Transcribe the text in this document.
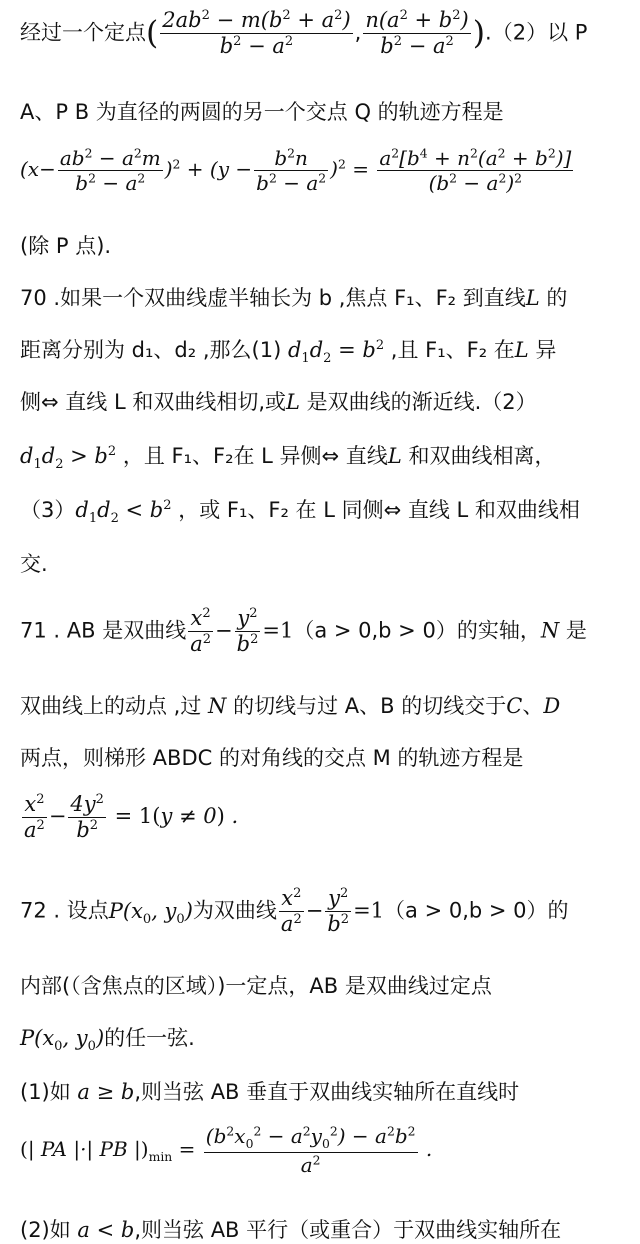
经过一个定点( $\frac{2ab^2 - m(b^2 + a^2)}{b^2 - a^2}$ , $\frac{n(a^2 + b^2)}{b^2 - a^2} ).(2)$以 P
A、P B 为直径的两圆的另一个交点 Q 的轨迹方程是
$(x- \frac{ab^2 - a^2m}{b^2 - a^2} )^2 + (y - \frac{b^2n}{b^2 - a^2} )^2 = \frac{a^2[b^4 + n^2(a^2 + b^2)]}{(b^2 - a^2)^2}$
(除 P 点).
70 .如果一个双曲线虚半轴长为 b ,焦点 F₁、F₂ 到直线L 的
距离分别为 d₁、d₂ ,那么(1) $d_1d_2 = b^2$ ,且 F₁、F₂ 在L 异
侧⇔ 直线 L 和双曲线相切,或L 是双曲线的渐近线.（2）
$d_1d_2 > b^2$ ，且 F₁、F₂在 L 异侧⇔ 直线L 和双曲线相离，
$(3)d_1d_2 < b^2$ ，或 F₁、F₂ 在 L 同侧⇔ 直线 L 和双曲线相
交.
71 . AB 是双曲线 $\frac{x^2}{a^2} - \frac{y^2}{b^2} =1(a > 0,b > 0)$的实轴，N 是
双曲线上的动点 ,过 N 的切线与过 A、B 的切线交于C、D
两点，则梯形 ABDC 的对角线的交点 M 的轨迹方程是
$\frac{x^2}{a^2} - \frac{4y^2}{b^2} = 1(y \ne 0)$ .
72 . 设点$P(x_0$, $y_0$)为双曲线 $\frac{x^2}{a^2} - \frac{y^2}{b^2} =1(a > 0,b > 0)$的
内部(（含焦点的区域）)一定点，AB 是双曲线过定点
$P(x_0$, $y_0$)的任一弦.
(1)如 a ≥ b,则当弦 AB 垂直于双曲线实轴所在直线时
(| PA |·| PB $|)_{min} = \frac{(b^2x_0^2 - a^2y_0^2) - a^2b^2}{a^2}$ .
(2)如 a < b,则当弦 AB 平行（或重合）于双曲线实轴所在
